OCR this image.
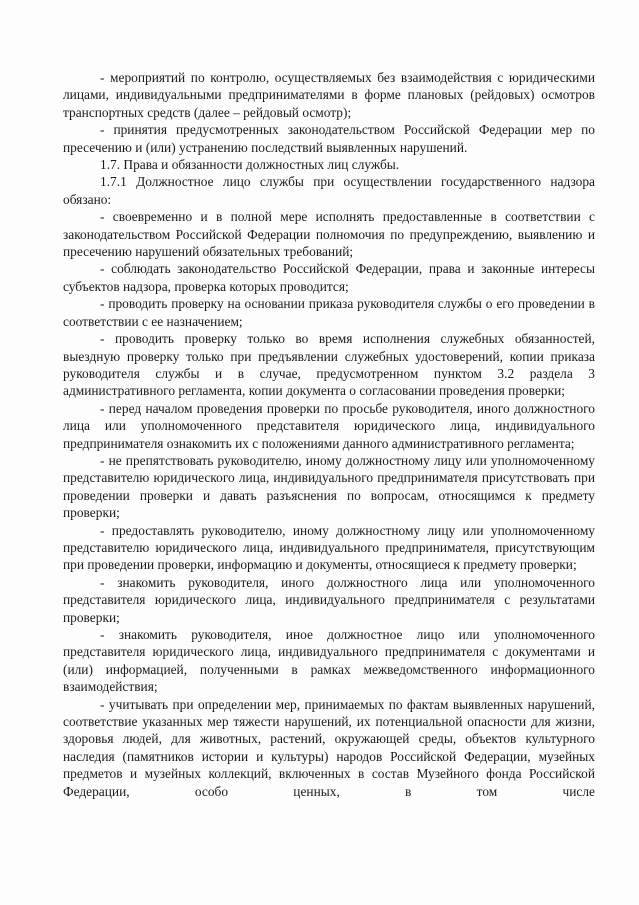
- мероприятий по контролю, осуществляемых без взаимодействия с юридическими лицами, индивидуальными предпринимателями в форме плановых (рейдовых) осмотров транспортных средств (далее – рейдовый осмотр);

- принятия предусмотренных законодательством Российской Федерации мер по пресечению и (или) устранению последствий выявленных нарушений.

1.7. Права и обязанности должностных лиц службы.

1.7.1 Должностное лицо службы при осуществлении государственного надзора обязано:

- своевременно и в полной мере исполнять предоставленные в соответствии с законодательством Российской Федерации полномочия по предупреждению, выявлению и пресечению нарушений обязательных требований;

- соблюдать законодательство Российской Федерации, права и законные интересы субъектов надзора, проверка которых проводится;

- проводить проверку на основании приказа руководителя службы о его проведении в соответствии с ее назначением;

- проводить проверку только во время исполнения служебных обязанностей, выездную проверку только при предъявлении служебных удостоверений, копии приказа руководителя службы и в случае, предусмотренном пунктом 3.2 раздела 3 административного регламента, копии документа о согласовании проведения проверки;

- перед началом проведения проверки по просьбе руководителя, иного должностного лица или уполномоченного представителя юридического лица, индивидуального предпринимателя ознакомить их с положениями данного административного регламента;

- не препятствовать руководителю, иному должностному лицу или уполномоченному представителю юридического лица, индивидуального предпринимателя присутствовать при проведении проверки и давать разъяснения по вопросам, относящимся к предмету проверки;

- предоставлять руководителю, иному должностному лицу или уполномоченному представителю юридического лица, индивидуального предпринимателя, присутствующим при проведении проверки, информацию и документы, относящиеся к предмету проверки;

- знакомить руководителя, иного должностного лица или уполномоченного представителя юридического лица, индивидуального предпринимателя с результатами проверки;

- знакомить руководителя, иное должностное лицо или уполномоченного представителя юридического лица, индивидуального предпринимателя с документами и (или) информацией, полученными в рамках межведомственного информационного взаимодействия;

- учитывать при определении мер, принимаемых по фактам выявленных нарушений, соответствие указанных мер тяжести нарушений, их потенциальной опасности для жизни, здоровья людей, для животных, растений, окружающей среды, объектов культурного наследия (памятников истории и культуры) народов Российской Федерации, музейных предметов и музейных коллекций, включенных в состав Музейного фонда Российской Федерации, особо ценных, в том числе
